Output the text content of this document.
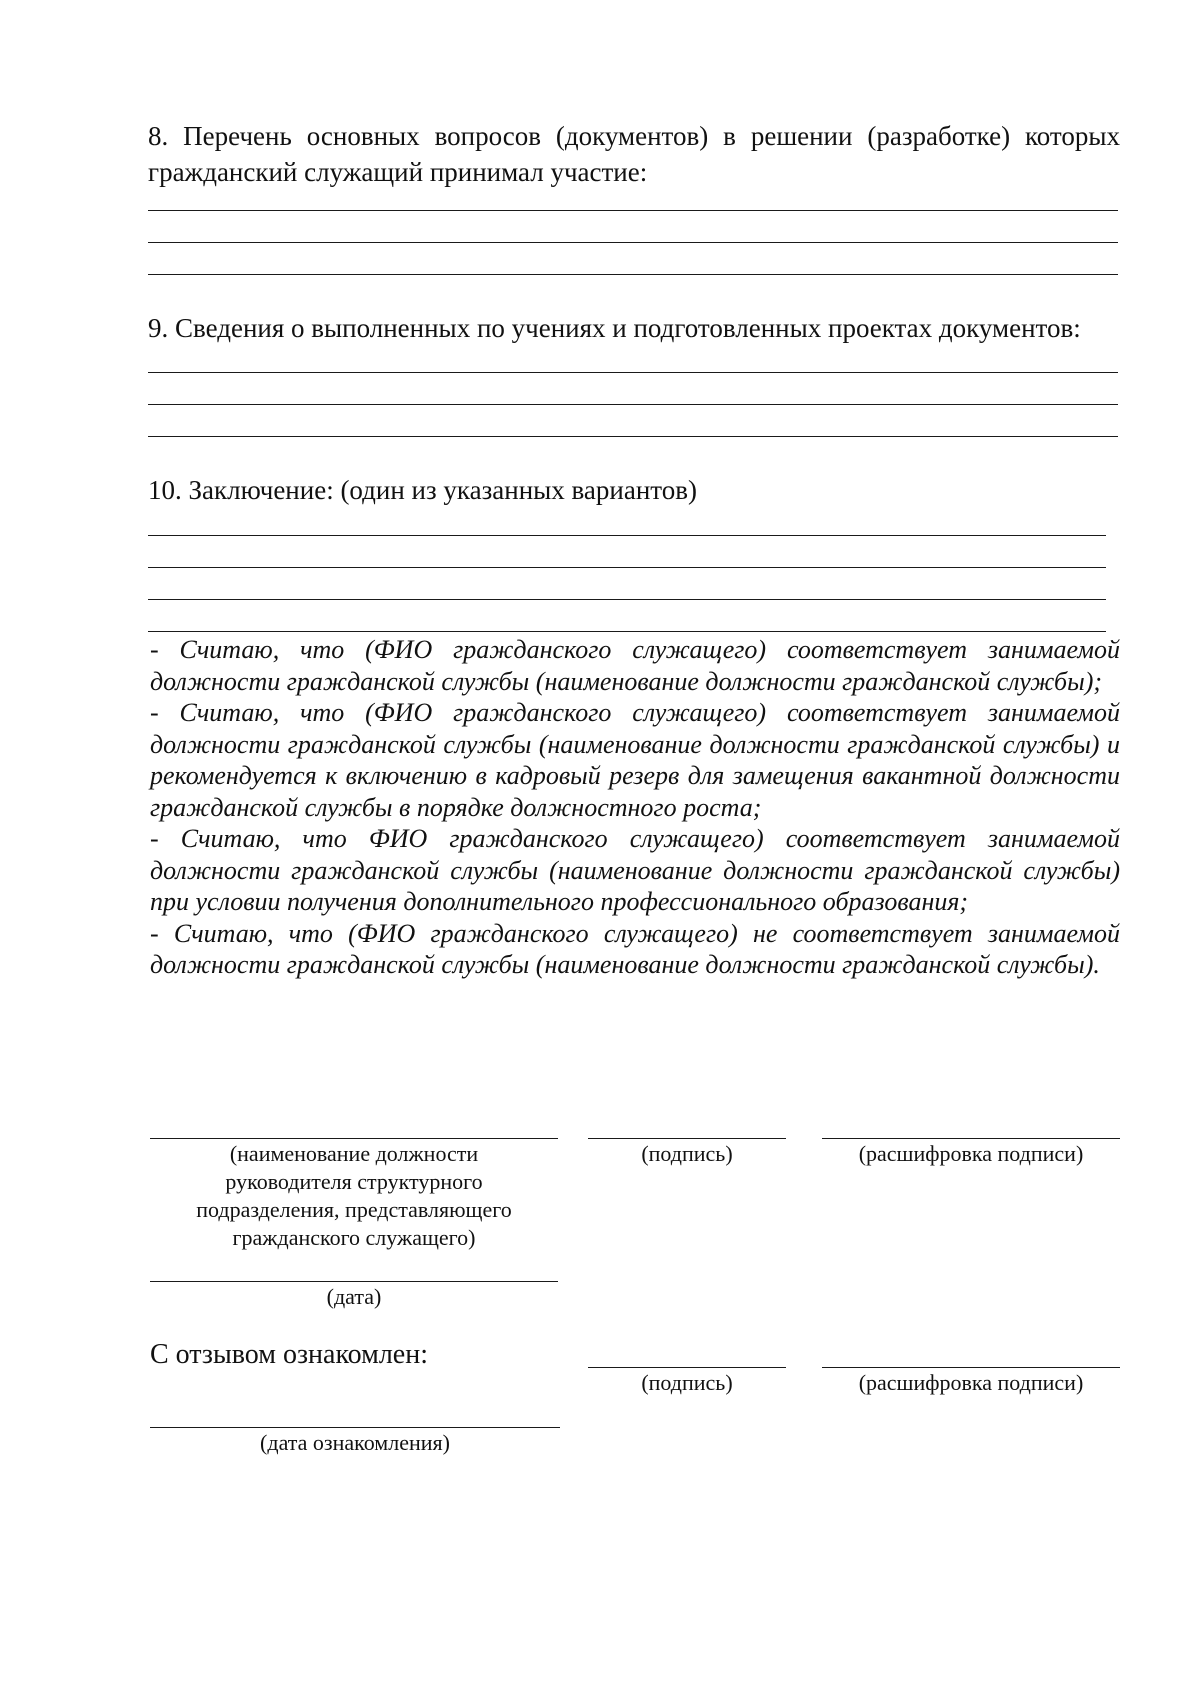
8. Перечень основных вопросов (документов) в решении (разработке) которых гражданский служащий принимал участие:
9. Сведения о выполненных по учениях и подготовленных проектах документов:
10. Заключение: (один из указанных вариантов)

- Считаю, что (ФИО гражданского служащего) соответствует занимаемой должности гражданской службы (наименование должности гражданской службы);

- Считаю, что (ФИО гражданского служащего) соответствует занимаемой должности гражданской службы (наименование должности гражданской службы) и рекомендуется к включению в кадровый резерв для замещения вакантной должности гражданской службы в порядке должностного роста;

- Считаю, что ФИО гражданского служащего) соответствует занимаемой должности гражданской службы (наименование должности гражданской службы) при условии получения дополнительного профессионального образования;

- Считаю, что (ФИО гражданского служащего) не соответствует занимаемой должности гражданской службы (наименование должности гражданской службы).

(наименование должности руководителя структурного подразделения, представляющего гражданского служащего)
(подпись)	(расшифровка подписи)
(дата)
С отзывом ознакомлен:
(подпись)	(расшифровка подписи)
(дата ознакомления)
